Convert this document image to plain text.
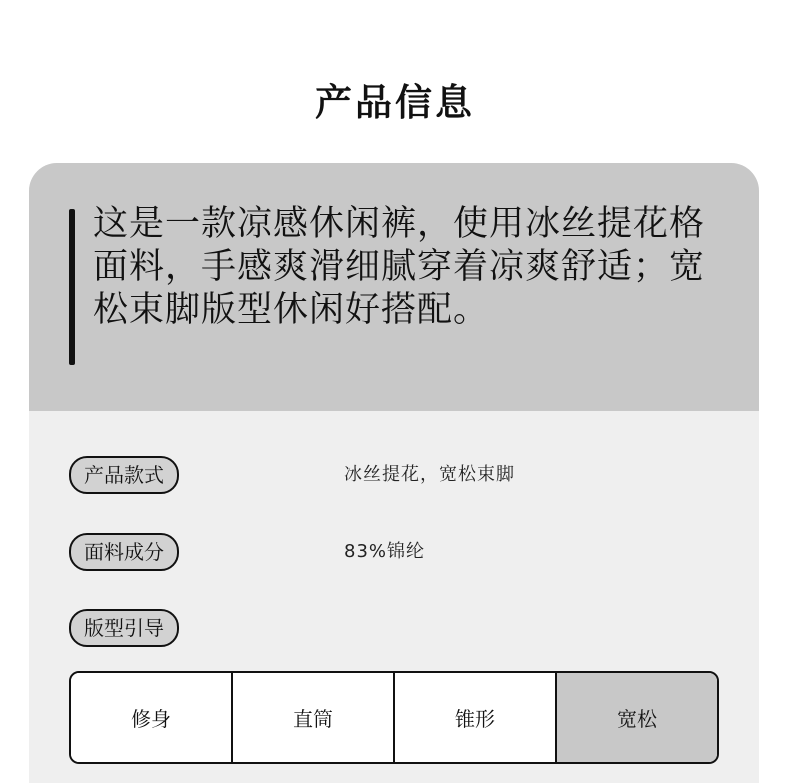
产品信息
这是一款凉感休闲裤，使用冰丝提花格面料，手感爽滑细腻穿着凉爽舒适；宽松束脚版型休闲好搭配。
产品款式	冰丝提花，宽松束脚
面料成分	83%锦纶
版型引导
修身	直筒	锥形	宽松
